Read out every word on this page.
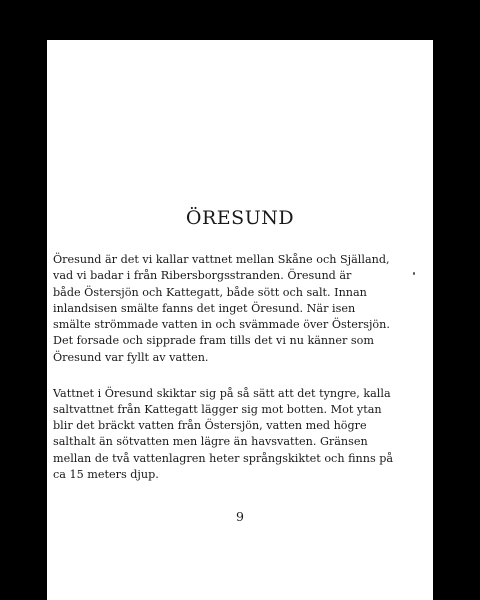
ÖRESUND

Öresund är det vi kallar vattnet mellan Skåne och Själland,
vad vi badar i från Ribersborgsstranden. Öresund är
både Östersjön och Kattegatt, både sött och salt. Innan
inlandsisen smälte fanns det inget Öresund. När isen
smälte strömmade vatten in och svämmade över Östersjön.
Det forsade och sipprade fram tills det vi nu känner som
Öresund var fyllt av vatten.

Vattnet i Öresund skiktar sig på så sätt att det tyngre, kalla
saltvattnet från Kattegatt lägger sig mot botten. Mot ytan
blir det bräckt vatten från Östersjön, vatten med högre
salthalt än sötvatten men lägre än havsvatten. Gränsen
mellan de två vattenlagren heter språngskiktet och finns på
ca 15 meters djup.

9
